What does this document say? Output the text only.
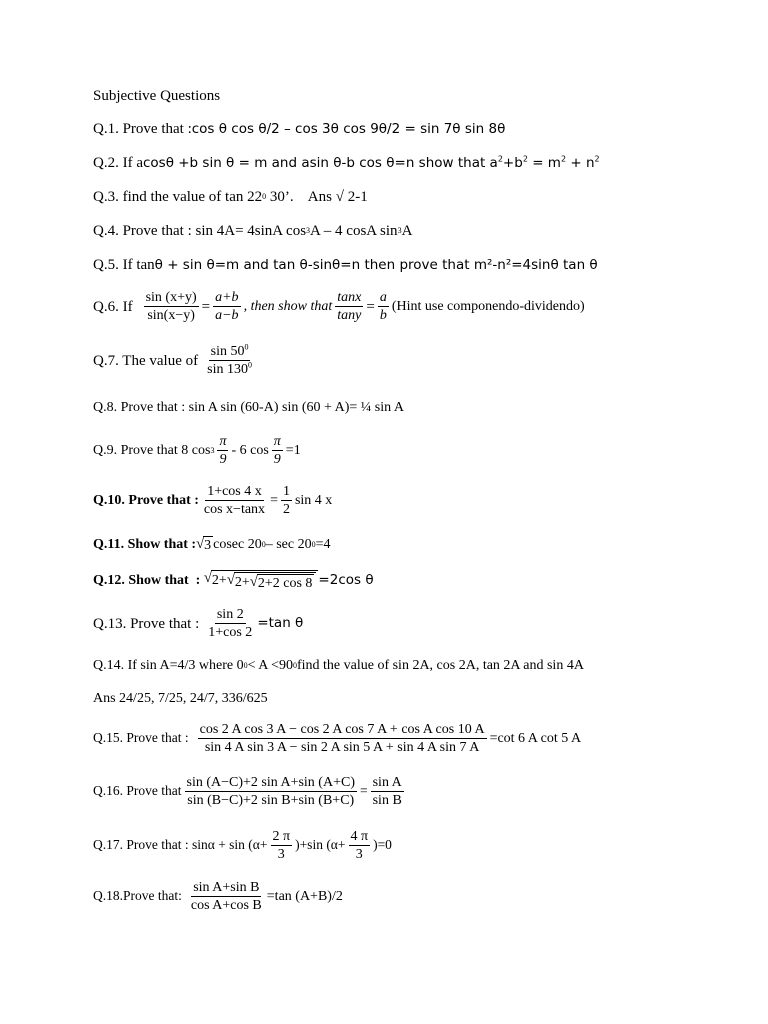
Subjective Questions
Q.1. Prove that : cos θ cos θ/2 – cos 3θ cos 9θ/2 = sin 7θ sin 8θ
Q.2. If a cosθ +b sin θ = m and asin θ-b cos θ=n show that $a^2+b^2 = m^2 + n^2$
Q.3. find the value of tan 22 0 30’.    Ans √ 2-1
Q.4. Prove that : sin 4A= 4sinA cos 3 A – 4 cosA sin 3 A
Q.5. If tan θ + sin θ=m and tan θ-sinθ=n then prove that m²-n²=4sinθ tan θ
Q.6. If $\frac{\sin (x+y)}{\sin(x-y)} = \frac{a+b}{a-b}$ , then show that $\frac{\tan x}{\tan y} = \frac{a}{b}$ (Hint use componendo-dividendo)
Q.7. The value of $\frac{\sin 50^0}{\sin 130^0}$
Q.8. Prove that : sin A sin (60-A) sin (60 + A)= ¼ sin A
Q.9. Prove that 8 $\cos 3 \frac{\pi}{9} - 6$ $\cos \frac{\pi}{9} =1$
Q.10. Prove that : $\frac{1+\cos 4 x}{\text{cos x−tanx}} = \frac{1}{2}$ sin 4 x
Q.11. Show that : √ 3 cosec 20 0 – sec 20 0 =4
Q.12. Show that  : √ 2+ √ 2+ √ 2+2 cos 8 =2cos θ
Q.13. Prove that : $\frac{\sin 2}{1+\cos 2} =\tan$ θ
Q.14. If sin A=4/3 where 0 0 < A <90 0 find the value of sin 2A, cos 2A, tan 2A and sin 4A
Ans 24/25, 7/25, 24/7, 336/625
Q.15. Prove that : $\frac{\text{cos 2 A cos 3 A − cos 2 A cos 7 A + cos A cos 10 A}}{\text{sin 4 A sin 3 A − sin 2 A sin 5 A + sin 4 A sin 7 A}} =\cot$ 6 A cot 5 A
Q.16. Prove that $\frac{\text{sin (A−C)+2 sin A+sin (A+C)}}{\text{sin (B−C)+2 sin B+sin (B+C)}} = \frac{\text{sin A}}{\text{sin B}}$
Q.17. Prove that : $\sin\alpha + \sin (\alpha+ \frac{2 \pi}{3} )+\sin$ $(\alpha+ \frac{4 \pi}{3} )=0$
Q.18.Prove that: $\frac{\text{sin A+sin B}}{\text{cos A+cos B}} =\tan$ (A+B)/2
